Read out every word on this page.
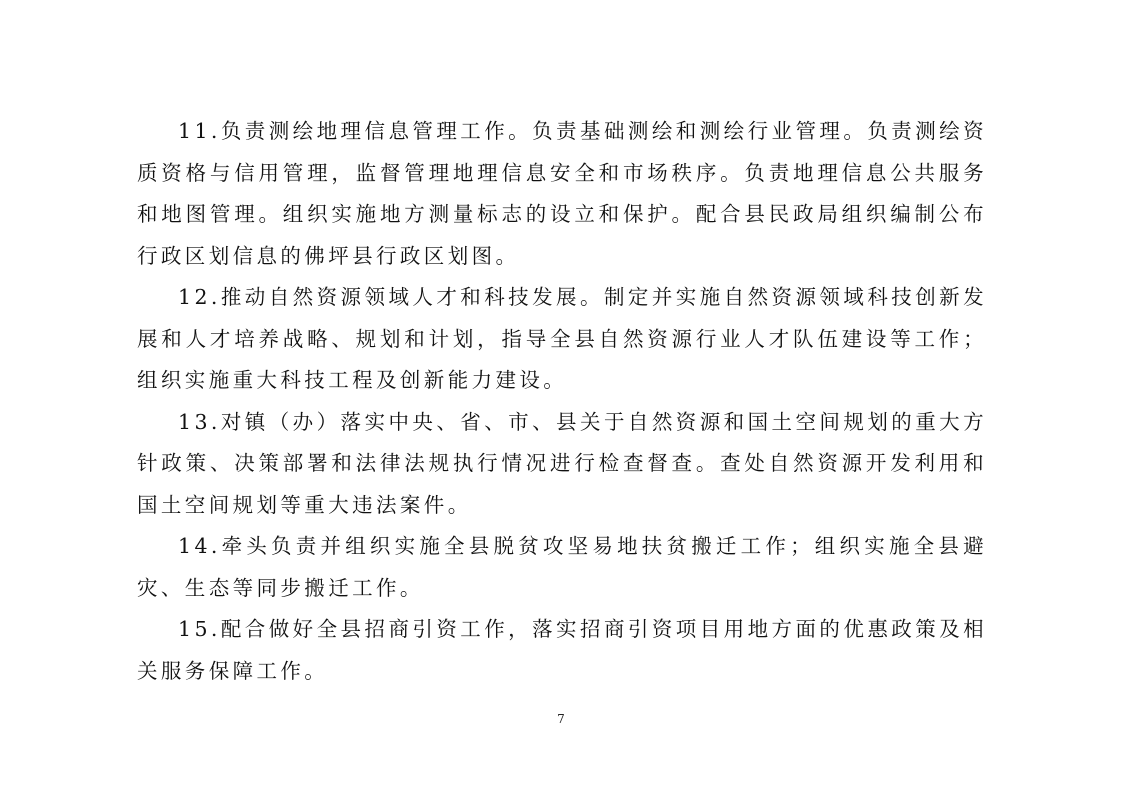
11.负责测绘地理信息管理工作。负责基础测绘和测绘行业管理。负责测绘资质资格与信用管理，监督管理地理信息安全和市场秩序。负责地理信息公共服务和地图管理。组织实施地方测量标志的设立和保护。配合县民政局组织编制公布行政区划信息的佛坪县行政区划图。

12.推动自然资源领域人才和科技发展。制定并实施自然资源领域科技创新发展和人才培养战略、规划和计划，指导全县自然资源行业人才队伍建设等工作；组织实施重大科技工程及创新能力建设。

13.对镇（办）落实中央、省、市、县关于自然资源和国土空间规划的重大方针政策、决策部署和法律法规执行情况进行检查督查。查处自然资源开发利用和国土空间规划等重大违法案件。

14.牵头负责并组织实施全县脱贫攻坚易地扶贫搬迁工作；组织实施全县避灾、生态等同步搬迁工作。

15.配合做好全县招商引资工作，落实招商引资项目用地方面的优惠政策及相关服务保障工作。

7
